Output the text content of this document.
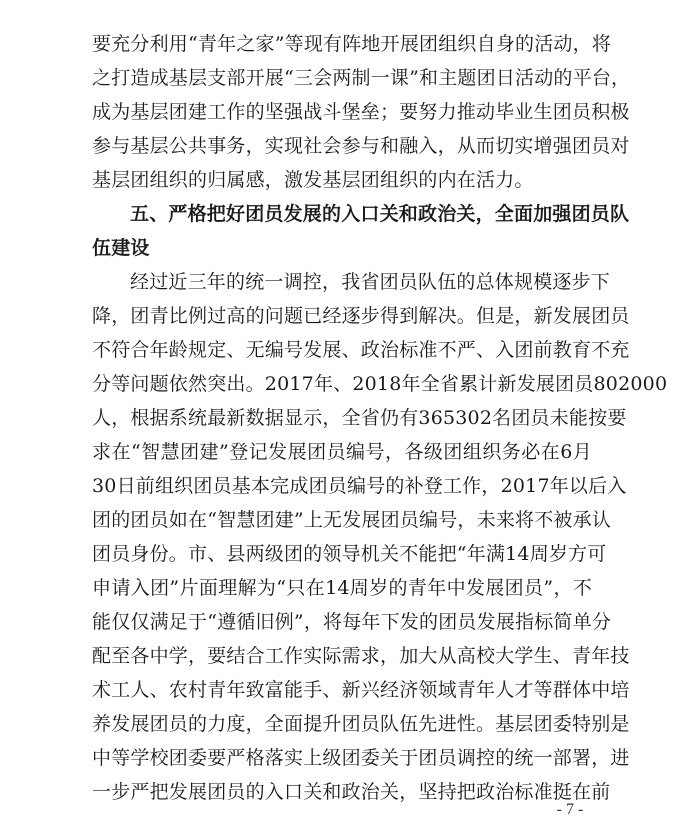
要充分利用“青年之家”等现有阵地开展团组织自身的活动，将
之打造成基层支部开展“三会两制一课”和主题团日活动的平台，
成为基层团建工作的坚强战斗堡垒；要努力推动毕业生团员积极
参与基层公共事务，实现社会参与和融入，从而切实增强团员对
基层团组织的归属感，激发基层团组织的内在活力。
五、严格把好团员发展的入口关和政治关，全面加强团员队
伍建设
经过近三年的统一调控，我省团员队伍的总体规模逐步下
降，团青比例过高的问题已经逐步得到解决。但是，新发展团员
不符合年龄规定、无编号发展、政治标准不严、入团前教育不充
分等问题依然突出。2017年、2018年全省累计新发展团员802000
人，根据系统最新数据显示，全省仍有365302名团员未能按要
求在“智慧团建”登记发展团员编号，各级团组织务必在6月
30日前组织团员基本完成团员编号的补登工作，2017年以后入
团的团员如在“智慧团建”上无发展团员编号，未来将不被承认
团员身份。市、县两级团的领导机关不能把“年满14周岁方可
申请入团”片面理解为“只在14周岁的青年中发展团员”，不
能仅仅满足于“遵循旧例”，将每年下发的团员发展指标简单分
配至各中学，要结合工作实际需求，加大从高校大学生、青年技
术工人、农村青年致富能手、新兴经济领域青年人才等群体中培
养发展团员的力度，全面提升团员队伍先进性。基层团委特别是
中等学校团委要严格落实上级团委关于团员调控的统一部署，进
一步严把发展团员的入口关和政治关，坚持把政治标准挺在前
- 7 -
